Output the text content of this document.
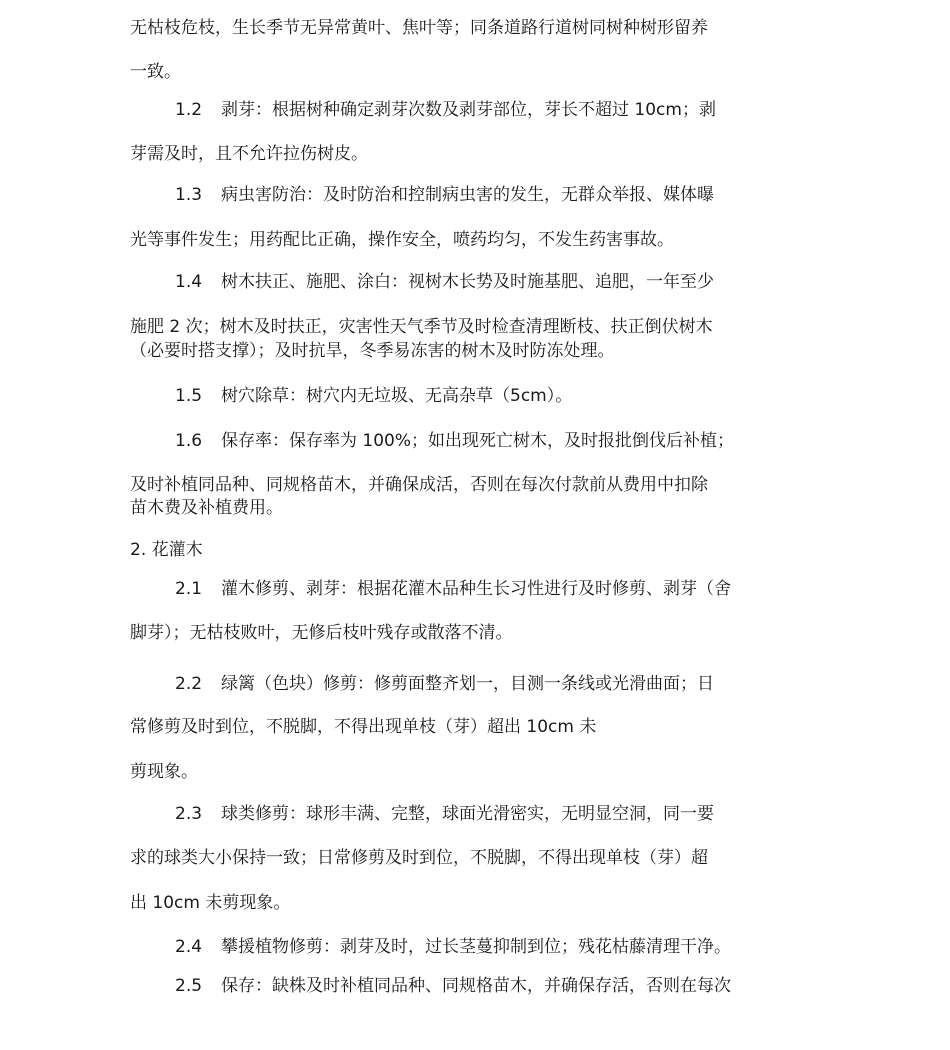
无枯枝危枝，生长季节无异常黄叶、焦叶等；同条道路行道树同树种树形留养
一致。
1.2 剥芽：根据树种确定剥芽次数及剥芽部位，芽长不超过 10cm；剥
芽需及时，且不允许拉伤树皮。
1.3 病虫害防治：及时防治和控制病虫害的发生，无群众举报、媒体曝
光等事件发生；用药配比正确，操作安全，喷药均匀，不发生药害事故。
1.4 树木扶正、施肥、涂白：视树木长势及时施基肥、追肥，一年至少
施肥 2 次；树木及时扶正，灾害性天气季节及时检查清理断枝、扶正倒伏树木
（必要时搭支撑）；及时抗旱，冬季易冻害的树木及时防冻处理。
1.5 树穴除草：树穴内无垃圾、无高杂草（5cm）。
1.6 保存率：保存率为 100%；如出现死亡树木，及时报批倒伐后补植；
及时补植同品种、同规格苗木，并确保成活，否则在每次付款前从费用中扣除
苗木费及补植费用。
2. 花灌木
2.1 灌木修剪、剥芽：根据花灌木品种生长习性进行及时修剪、剥芽（舍
脚芽）；无枯枝败叶，无修后枝叶残存或散落不清。
2.2 绿篱（色块）修剪：修剪面整齐划一，目测一条线或光滑曲面；日
常修剪及时到位，不脱脚，不得出现单枝（芽）超出 10cm 未
剪现象。
2.3 球类修剪：球形丰满、完整，球面光滑密实，无明显空洞，同一要
求的球类大小保持一致；日常修剪及时到位，不脱脚，不得出现单枝（芽）超
出 10cm 未剪现象。
2.4 攀援植物修剪：剥芽及时，过长茎蔓抑制到位；残花枯藤清理干净。
2.5 保存：缺株及时补植同品种、同规格苗木，并确保存活，否则在每次
